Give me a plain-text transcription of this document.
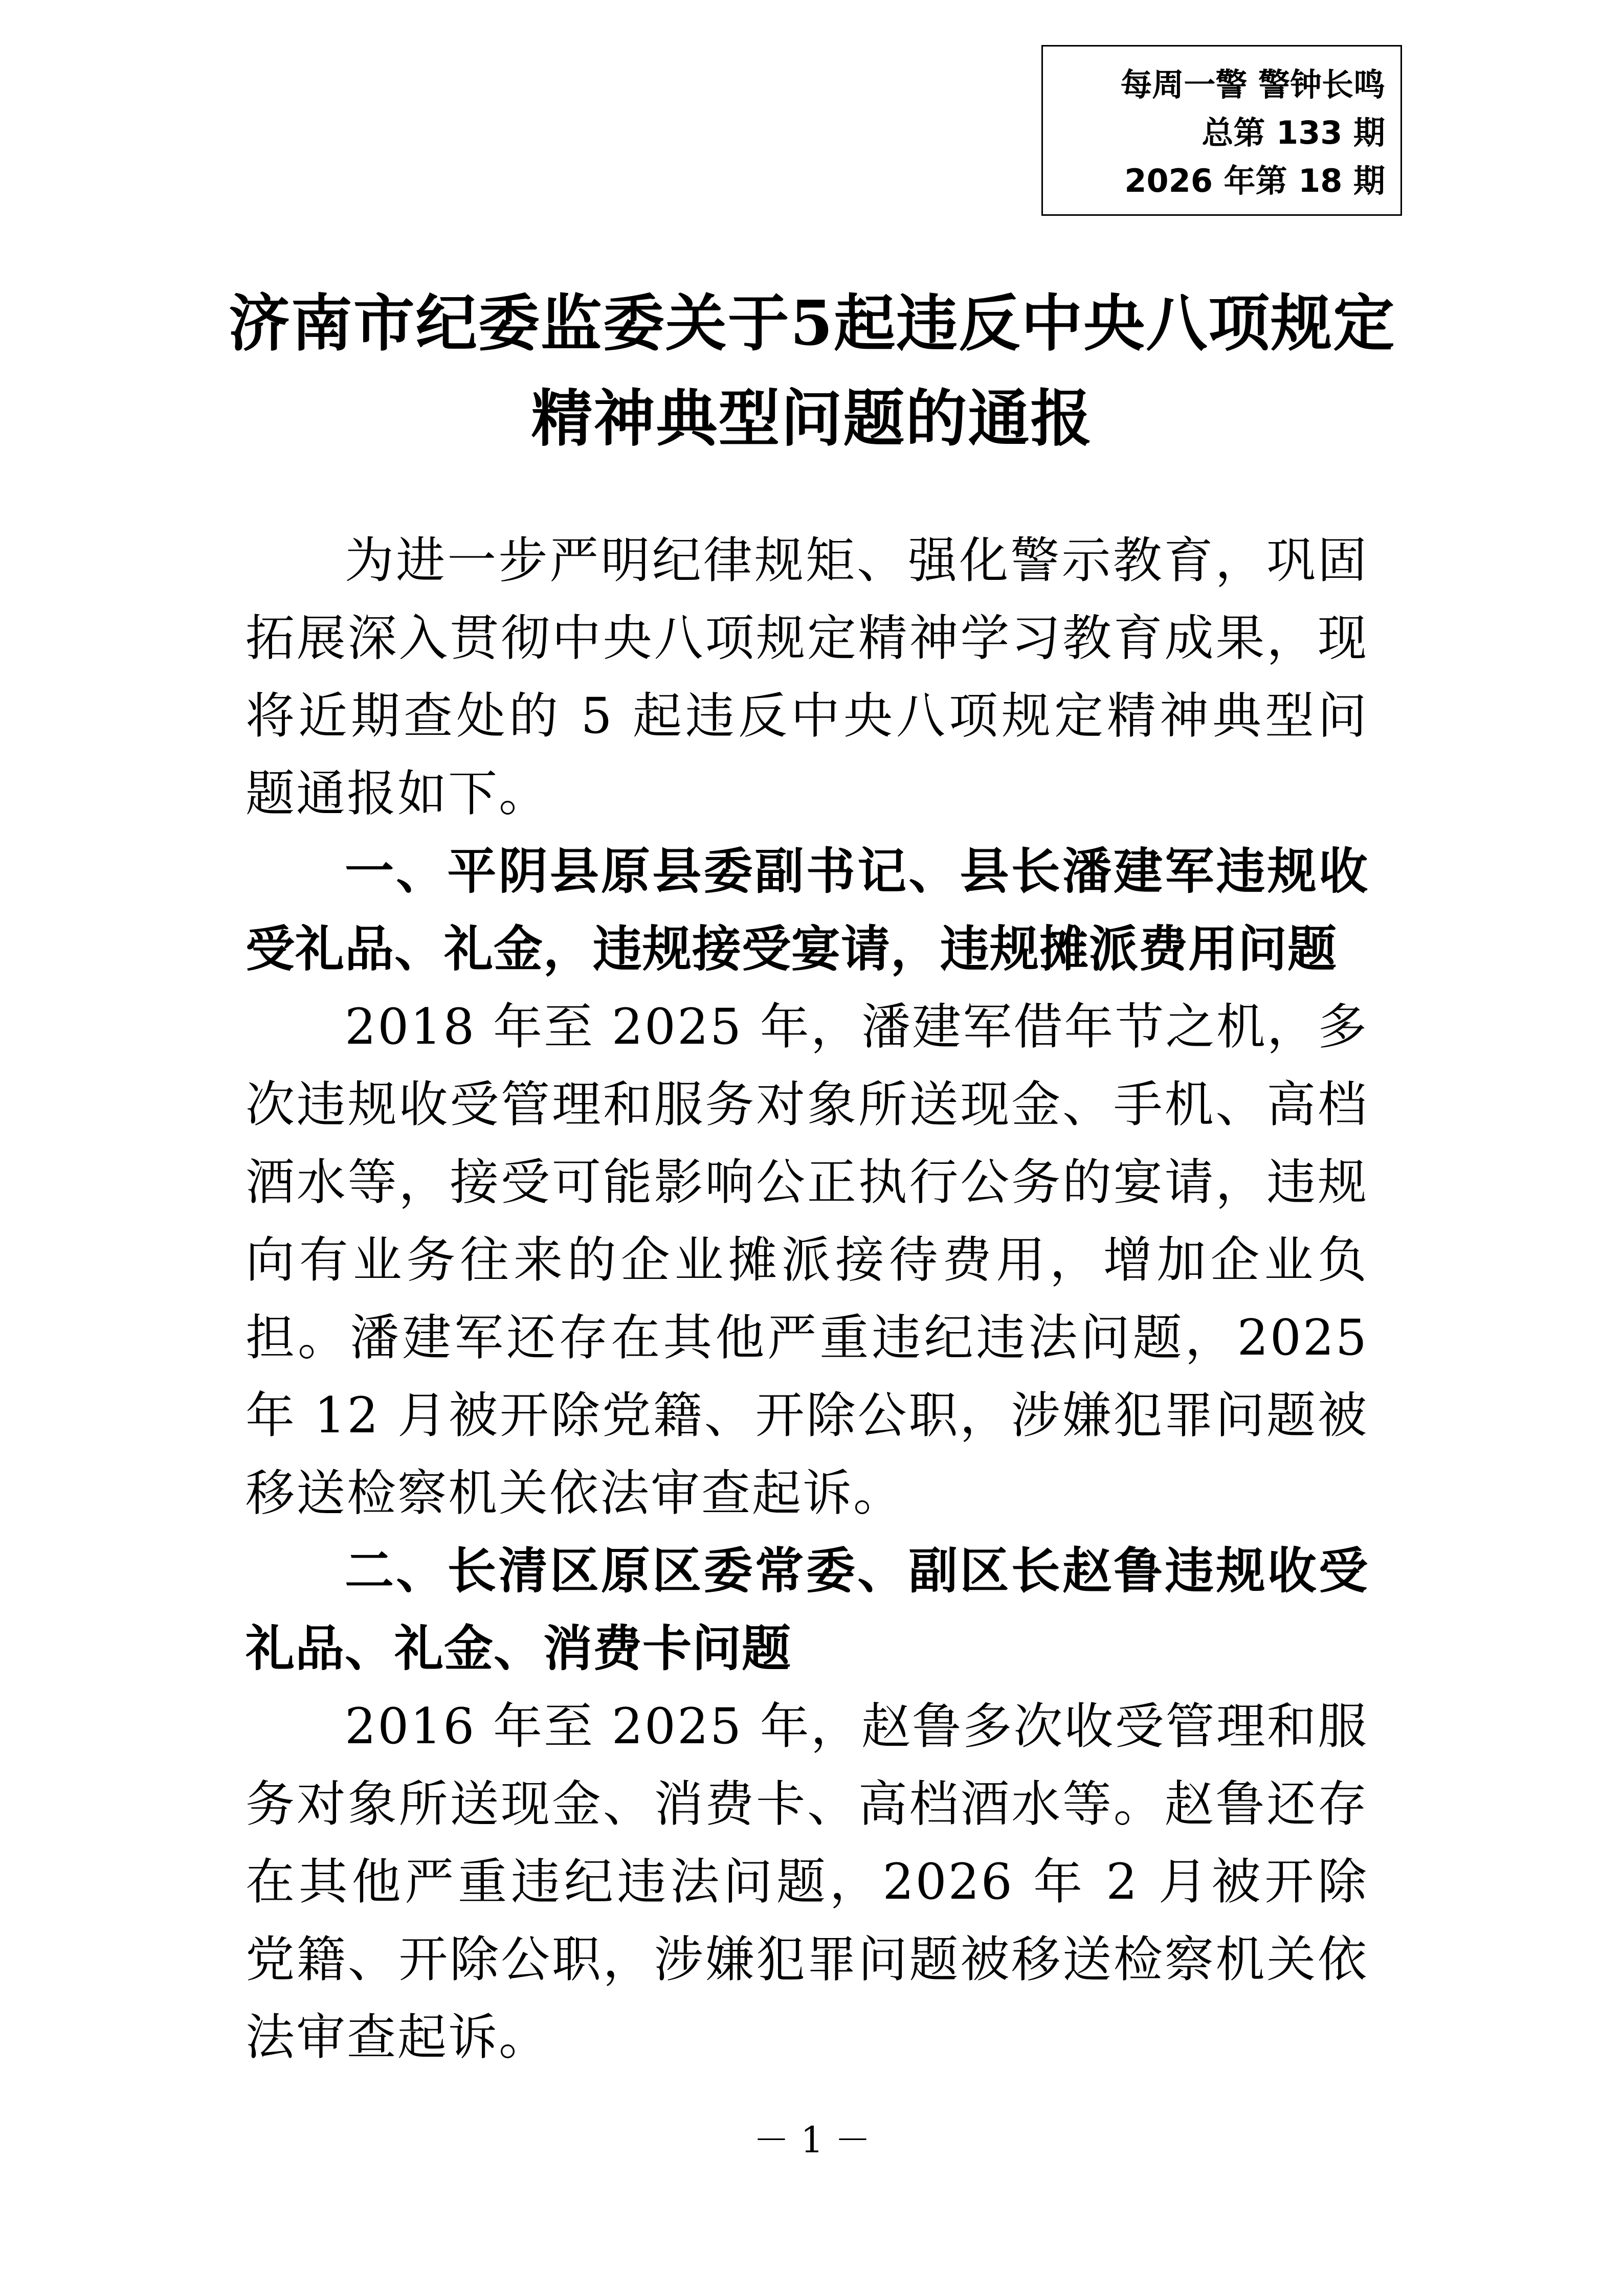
每周一警 警钟长鸣
总第 133 期
2026 年第 18 期
济南市纪委监委关于5起违反中央八项规定
精神典型问题的通报

为进一步严明纪律规矩、强化警示教育，巩固拓展深入贯彻中央八项规定精神学习教育成果，现将近期查处的 5 起违反中央八项规定精神典型问题通报如下。

一、平阴县原县委副书记、县长潘建军违规收受礼品、礼金，违规接受宴请，违规摊派费用问题

2018 年至 2025 年，潘建军借年节之机，多次违规收受管理和服务对象所送现金、手机、高档酒水等，接受可能影响公正执行公务的宴请，违规向有业务往来的企业摊派接待费用，增加企业负担。潘建军还存在其他严重违纪违法问题，2025 年 12 月被开除党籍、开除公职，涉嫌犯罪问题被移送检察机关依法审查起诉。

二、长清区原区委常委、副区长赵鲁违规收受礼品、礼金、消费卡问题

2016 年至 2025 年，赵鲁多次收受管理和服务对象所送现金、消费卡、高档酒水等。赵鲁还存在其他严重违纪违法问题，2026 年 2 月被开除党籍、开除公职，涉嫌犯罪问题被移送检察机关依法审查起诉。

－ 1 －
